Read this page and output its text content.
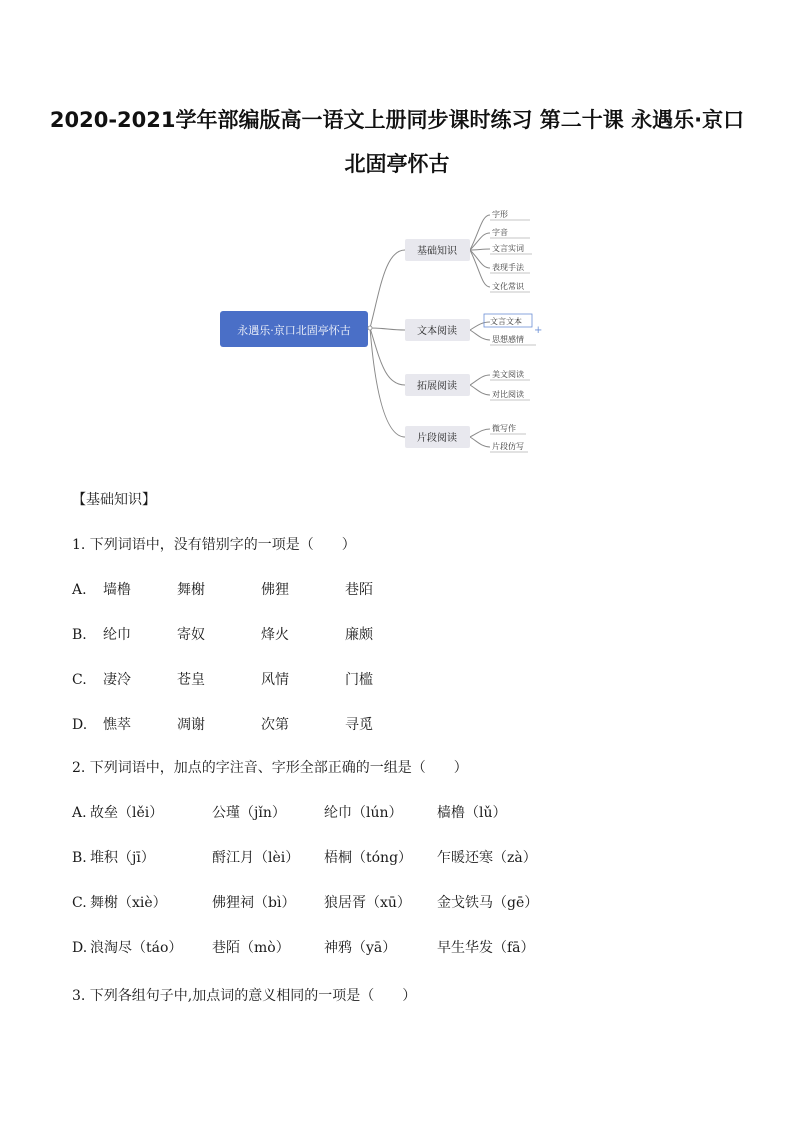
2020-2021学年部编版高一语文上册同步课时练习 第二十课 永遇乐·京口北固亭怀古
永遇乐·京口北固亭怀古
基础知识
文本阅读
拓展阅读
片段阅读
字形
字音
文言实词
表现手法
文化常识
文言文本
+
思想感情
美文阅读
对比阅读
微写作
片段仿写

【基础知识】

1. 下列词语中，没有错别字的一项是（　　）

A. 墙橹	舞榭	佛狸	巷陌
B. 纶巾	寄奴	烽火	廉颇
C. 凄冷	苍皇	风情	门槛
D. 憔萃	凋谢	次第	寻觅

2. 下列词语中，加点的字注音、字形全部正确的一组是（　　）

A. 故垒（lěi）	公瑾（jǐn）	纶巾（lún） 樯橹（lǔ）
B. 堆积（jī）	酹江月（lèi） 梧桐（tóng） 乍暖还寒（zà）
C. 舞榭（xiè）	佛狸祠（bì） 狼居胥（xū） 金戈铁马（gē）
D. 浪淘尽（táo） 巷陌（mò） 神鸦（yā）	早生华发（fā）

3. 下列各组句子中,加点词的意义相同的一项是（　　）
